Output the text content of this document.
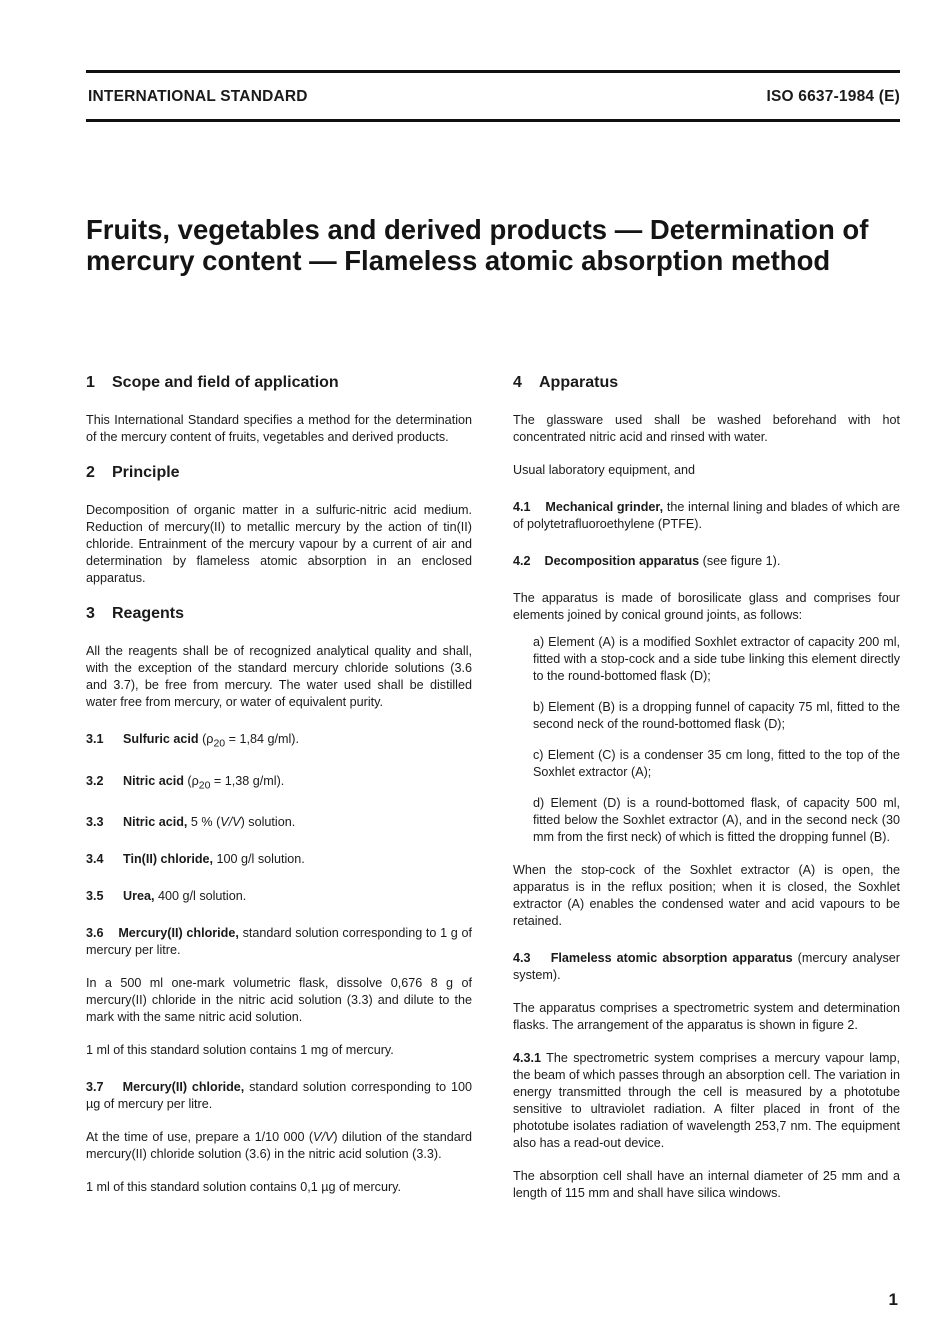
INTERNATIONAL STANDARD	ISO 6637-1984 (E)
Fruits, vegetables and derived products — Determination of mercury content — Flameless atomic absorption method
1 Scope and field of application

This International Standard specifies a method for the determination of the mercury content of fruits, vegetables and derived products.

2 Principle

Decomposition of organic matter in a sulfuric-nitric acid medium. Reduction of mercury(II) to metallic mercury by the action of tin(II) chloride. Entrainment of the mercury vapour by a current of air and determination by flameless atomic absorption in an enclosed apparatus.

3 Reagents

All the reagents shall be of recognized analytical quality and shall, with the exception of the standard mercury chloride solutions (3.6 and 3.7), be free from mercury. The water used shall be distilled water free from mercury, or water of equivalent purity.

3.1 Sulfuric acid ($\rho_{20} = 1,84$ g/ml).
3.2 Nitric acid ($\rho_{20} = 1,38$ g/ml).
3.3 Nitric acid, 5 % (V/V) solution.
3.4 Tin(II) chloride, 100 g/l solution.
3.5 Urea, 400 g/l solution.

3.6 Mercury(II) chloride, standard solution corresponding to 1 g of mercury per litre.

In a 500 ml one-mark volumetric flask, dissolve 0,676 8 g of mercury(II) chloride in the nitric acid solution (3.3) and dilute to the mark with the same nitric acid solution.

1 ml of this standard solution contains 1 mg of mercury.

3.7 Mercury(II) chloride, standard solution corresponding to 100 µg of mercury per litre.

At the time of use, prepare a 1/10 000 (V/V) dilution of the standard mercury(II) chloride solution (3.6) in the nitric acid solution (3.3).

1 ml of this standard solution contains 0,1 µg of mercury.

4 Apparatus

The glassware used shall be washed beforehand with hot concentrated nitric acid and rinsed with water.

Usual laboratory equipment, and

4.1 Mechanical grinder, the internal lining and blades of which are of polytetrafluoroethylene (PTFE).

4.2 Decomposition apparatus (see figure 1).

The apparatus is made of borosilicate glass and comprises four elements joined by conical ground joints, as follows:

a) Element (A) is a modified Soxhlet extractor of capacity 200 ml, fitted with a stop-cock and a side tube linking this element directly to the round-bottomed flask (D);
b) Element (B) is a dropping funnel of capacity 75 ml, fitted to the second neck of the round-bottomed flask (D);
c) Element (C) is a condenser 35 cm long, fitted to the top of the Soxhlet extractor (A);
d) Element (D) is a round-bottomed flask, of capacity 500 ml, fitted below the Soxhlet extractor (A), and in the second neck (30 mm from the first neck) of which is fitted the dropping funnel (B).

When the stop-cock of the Soxhlet extractor (A) is open, the apparatus is in the reflux position; when it is closed, the Soxhlet extractor (A) enables the condensed water and acid vapours to be retained.

4.3 Flameless atomic absorption apparatus (mercury analyser system).

The apparatus comprises a spectrometric system and determination flasks. The arrangement of the apparatus is shown in figure 2.

4.3.1 The spectrometric system comprises a mercury vapour lamp, the beam of which passes through an absorption cell. The variation in energy transmitted through the cell is measured by a phototube sensitive to ultraviolet radiation. A filter placed in front of the phototube isolates radiation of wavelength 253,7 nm. The equipment also has a read-out device.

The absorption cell shall have an internal diameter of 25 mm and a length of 115 mm and shall have silica windows.

1
